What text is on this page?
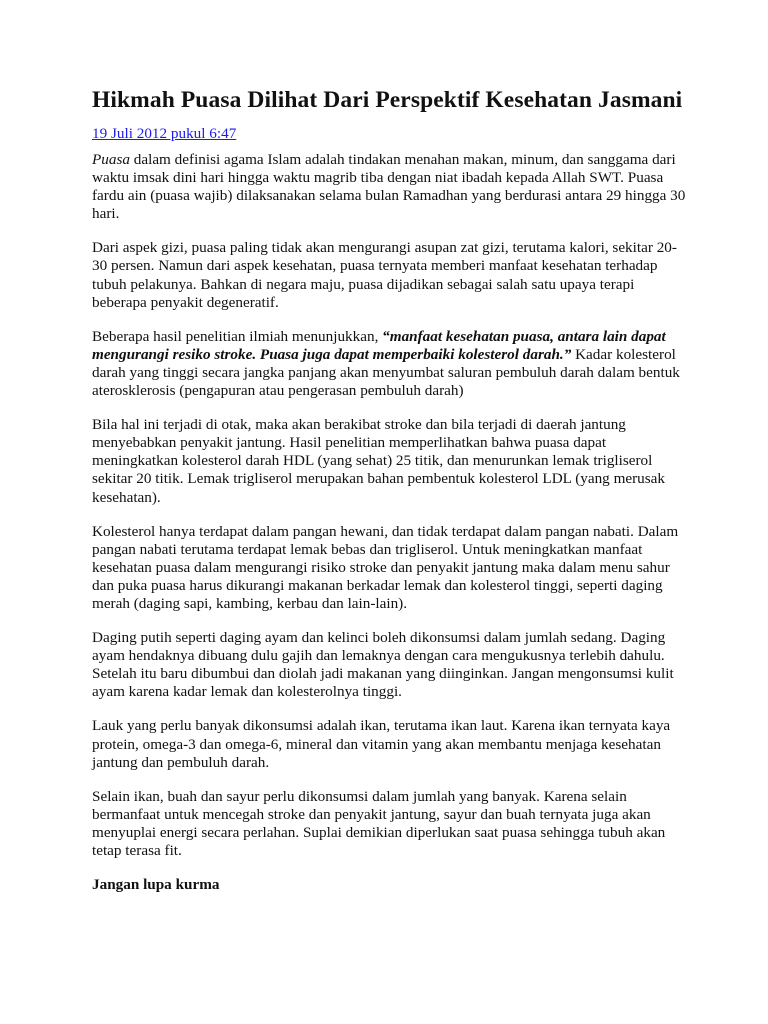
Hikmah Puasa Dilihat Dari Perspektif Kesehatan Jasmani
19 Juli 2012 pukul 6:47

Puasa dalam definisi agama Islam adalah tindakan menahan makan, minum, dan sanggama dari waktu imsak dini hari hingga waktu magrib tiba dengan niat ibadah kepada Allah SWT. Puasa fardu ain (puasa wajib) dilaksanakan selama bulan Ramadhan yang berdurasi antara 29 hingga 30 hari.

Dari aspek gizi, puasa paling tidak akan mengurangi asupan zat gizi, terutama kalori, sekitar 20-30 persen. Namun dari aspek kesehatan, puasa ternyata memberi manfaat kesehatan terhadap tubuh pelakunya. Bahkan di negara maju, puasa dijadikan sebagai salah satu upaya terapi beberapa penyakit degeneratif.

Beberapa hasil penelitian ilmiah menunjukkan, “manfaat kesehatan puasa, antara lain dapat mengurangi resiko stroke. Puasa juga dapat memperbaiki kolesterol darah.” Kadar kolesterol darah yang tinggi secara jangka panjang akan menyumbat saluran pembuluh darah dalam bentuk aterosklerosis (pengapuran atau pengerasan pembuluh darah)

Bila hal ini terjadi di otak, maka akan berakibat stroke dan bila terjadi di daerah jantung menyebabkan penyakit jantung. Hasil penelitian memperlihatkan bahwa puasa dapat meningkatkan kolesterol darah HDL (yang sehat) 25 titik, dan menurunkan lemak trigliserol sekitar 20 titik. Lemak trigliserol merupakan bahan pembentuk kolesterol LDL (yang merusak kesehatan).

Kolesterol hanya terdapat dalam pangan hewani, dan tidak terdapat dalam pangan nabati. Dalam pangan nabati terutama terdapat lemak bebas dan trigliserol. Untuk meningkatkan manfaat kesehatan puasa dalam mengurangi risiko stroke dan penyakit jantung maka dalam menu sahur dan puka puasa harus dikurangi makanan berkadar lemak dan kolesterol tinggi, seperti daging merah (daging sapi, kambing, kerbau dan lain-lain).

Daging putih seperti daging ayam dan kelinci boleh dikonsumsi dalam jumlah sedang. Daging ayam hendaknya dibuang dulu gajih dan lemaknya dengan cara mengukusnya terlebih dahulu. Setelah itu baru dibumbui dan diolah jadi makanan yang diinginkan. Jangan mengonsumsi kulit ayam karena kadar lemak dan kolesterolnya tinggi.

Lauk yang perlu banyak dikonsumsi adalah ikan, terutama ikan laut. Karena ikan ternyata kaya protein, omega-3 dan omega-6, mineral dan vitamin yang akan membantu menjaga kesehatan jantung dan pembuluh darah.

Selain ikan, buah dan sayur perlu dikonsumsi dalam jumlah yang banyak. Karena selain bermanfaat untuk mencegah stroke dan penyakit jantung, sayur dan buah ternyata juga akan menyuplai energi secara perlahan. Suplai demikian diperlukan saat puasa sehingga tubuh akan tetap terasa fit.

Jangan lupa kurma
